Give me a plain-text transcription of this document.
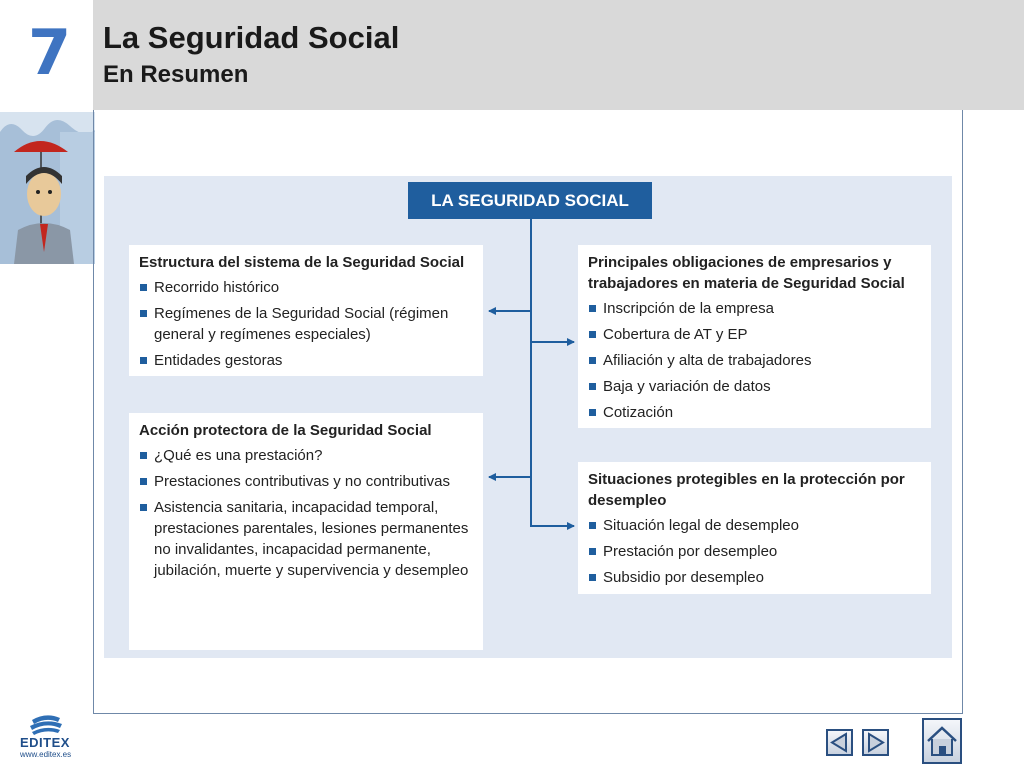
7 La Seguridad Social
En Resumen
LA SEGURIDAD SOCIAL
Estructura del sistema de la Seguridad Social
Recorrido histórico
Regímenes de la Seguridad Social (régimen general y regímenes especiales)
Entidades gestoras
Acción protectora de la Seguridad Social
¿Qué es una prestación?
Prestaciones contributivas y no contributivas
Asistencia sanitaria, incapacidad temporal, prestaciones parentales, lesiones permanentes no invalidantes, incapacidad permanente, jubilación, muerte y supervivencia y desempleo
Principales obligaciones de empresarios y trabajadores en materia de Seguridad Social
Inscripción de la empresa
Cobertura de AT y EP
Afiliación y alta de trabajadores
Baja y variación de datos
Cotización
Situaciones protegibles en la protección por desempleo
Situación legal de desempleo
Prestación por desempleo
Subsidio por desempleo
EDITEX
www.editex.es
